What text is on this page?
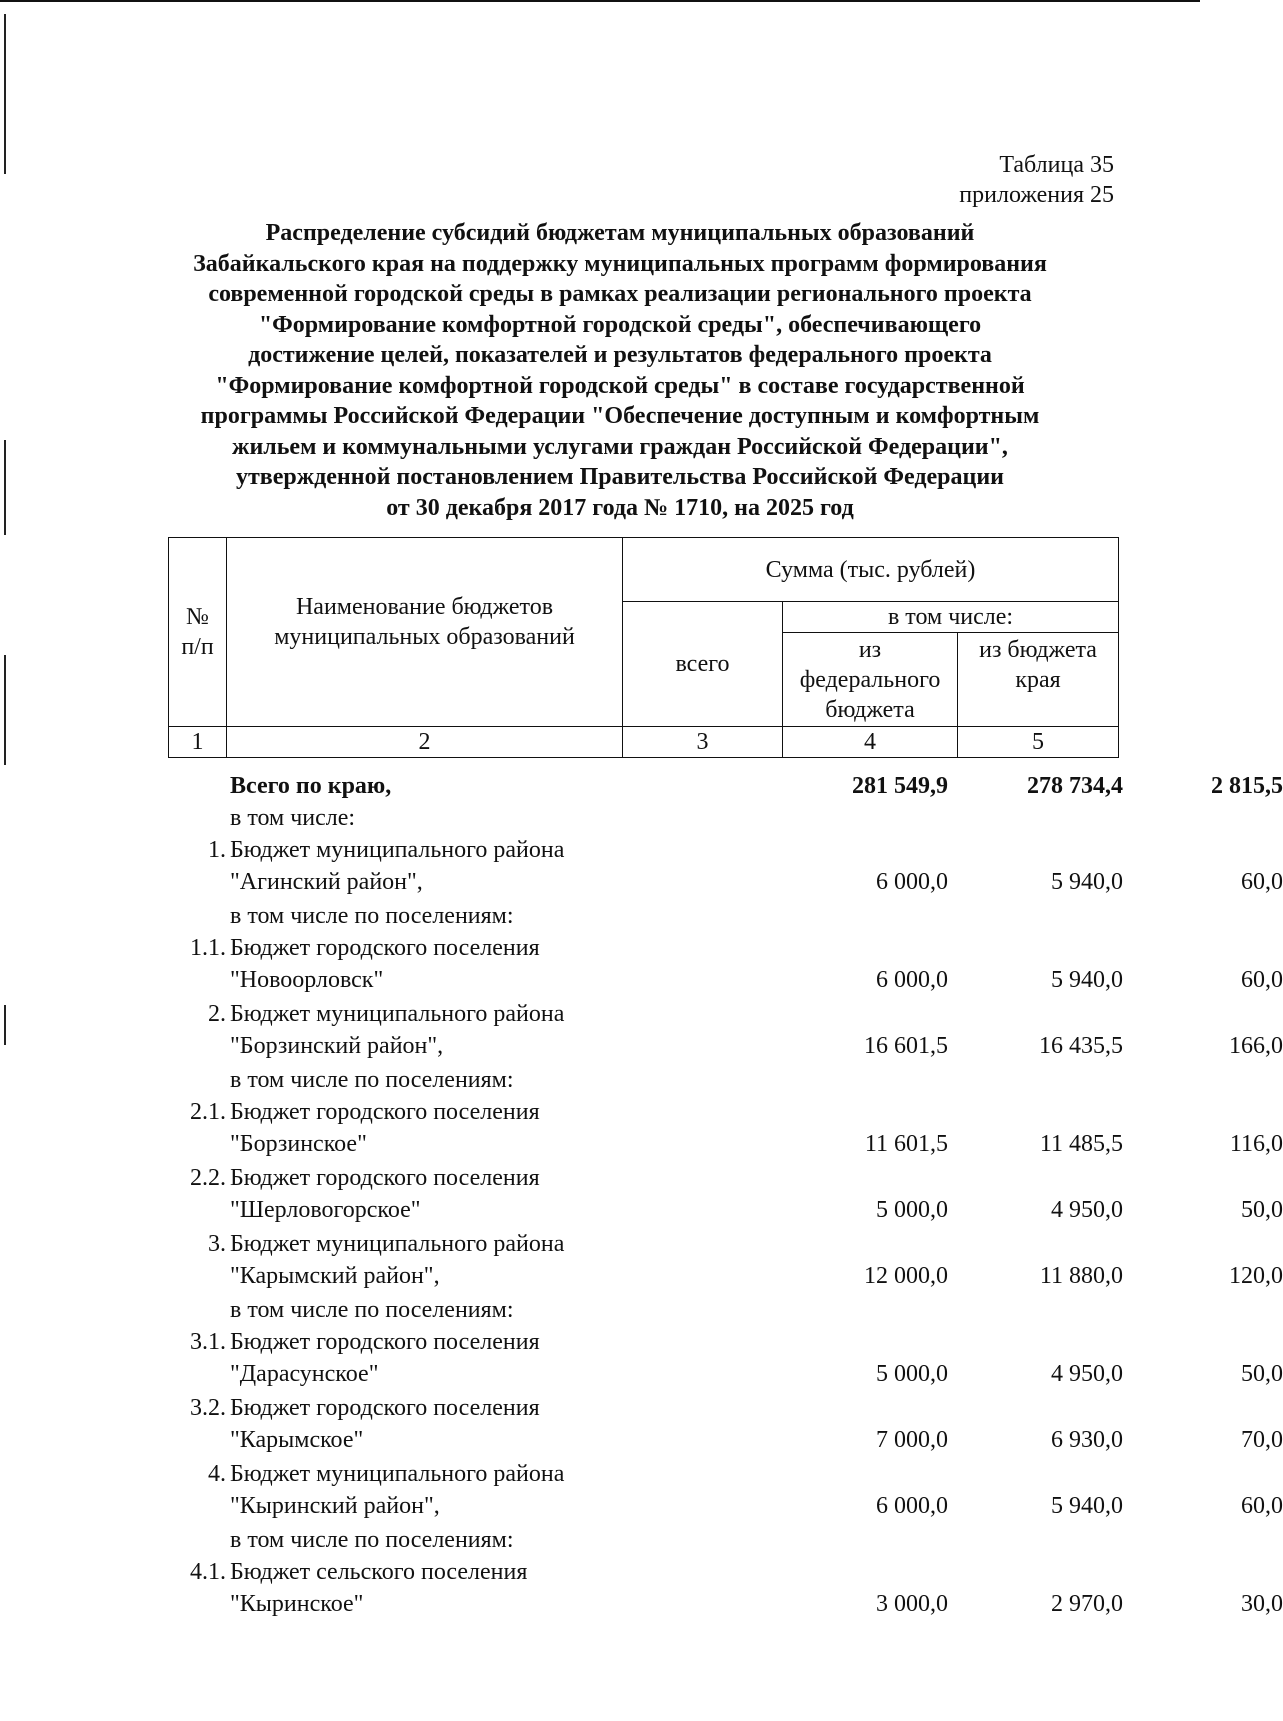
Таблица 35
приложения 25
Распределение субсидий бюджетам муниципальных образований
Забайкальского края на поддержку муниципальных программ формирования
современной городской среды в рамках реализации регионального проекта
"Формирование комфортной городской среды", обеспечивающего
достижение целей, показателей и результатов федерального проекта
"Формирование комфортной городской среды" в составе государственной
программы Российской Федерации "Обеспечение доступным и комфортным
жильем и коммунальными услугами граждан Российской Федерации",
утвержденной постановлением Правительства Российской Федерации
от 30 декабря 2017 года № 1710, на 2025 год
№ п/п	Наименование бюджетов муниципальных образований	Сумма (тыс. рублей)		
		всего	в том числе:	
			из федерального бюджета	из бюджета края
1	2	3	4	5
Всего по краю,	281 549,9	278 734,4	2 815,5
в том числе:
1. Бюджет муниципального района
"Агинский район",	6 000,0	5 940,0	60,0
в том числе по поселениям:
1.1. Бюджет городского поселения
"Новоорловск"	6 000,0	5 940,0	60,0
2. Бюджет муниципального района
"Борзинский район",	16 601,5	16 435,5	166,0
в том числе по поселениям:
2.1. Бюджет городского поселения
"Борзинское"	11 601,5	11 485,5	116,0
2.2. Бюджет городского поселения
"Шерловогорское"	5 000,0	4 950,0	50,0
3. Бюджет муниципального района
"Карымский район",	12 000,0	11 880,0	120,0
в том числе по поселениям:
3.1. Бюджет городского поселения
"Дарасунское"	5 000,0	4 950,0	50,0
3.2. Бюджет городского поселения
"Карымское"	7 000,0	6 930,0	70,0
4. Бюджет муниципального района
"Кыринский район",	6 000,0	5 940,0	60,0
в том числе по поселениям:
4.1. Бюджет сельского поселения
"Кыринское"	3 000,0	2 970,0	30,0
